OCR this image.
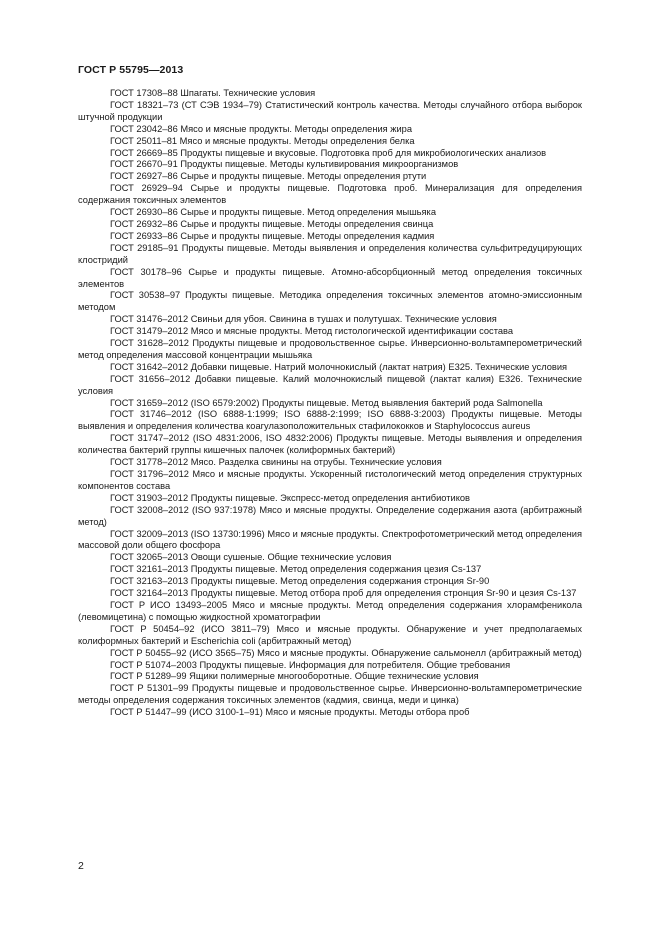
ГОСТ Р 55795—2013
ГОСТ 17308–88 Шпагаты. Технические условия
ГОСТ 18321–73 (СТ СЭВ 1934–79) Статистический контроль качества. Методы случайного отбора выборок штучной продукции
ГОСТ 23042–86 Мясо и мясные продукты. Методы определения жира
ГОСТ 25011–81 Мясо и мясные продукты. Методы определения белка
ГОСТ 26669–85 Продукты пищевые и вкусовые. Подготовка проб для микробиологических анализов
ГОСТ 26670–91 Продукты пищевые. Методы культивирования микроорганизмов
ГОСТ 26927–86 Сырье и продукты пищевые. Методы определения ртути
ГОСТ 26929–94 Сырье и продукты пищевые. Подготовка проб. Минерализация для определения содержания токсичных элементов
ГОСТ 26930–86 Сырье и продукты пищевые. Метод определения мышьяка
ГОСТ 26932–86 Сырье и продукты пищевые. Методы определения свинца
ГОСТ 26933–86 Сырье и продукты пищевые. Методы определения кадмия
ГОСТ 29185–91 Продукты пищевые. Методы выявления и определения количества сульфитредуцирующих клостридий
ГОСТ 30178–96 Сырье и продукты пищевые. Атомно-абсорбционный метод определения токсичных элементов
ГОСТ 30538–97 Продукты пищевые. Методика определения токсичных элементов атомно-эмиссионным методом
ГОСТ 31476–2012 Свиньи для убоя. Свинина в тушах и полутушах. Технические условия
ГОСТ 31479–2012 Мясо и мясные продукты. Метод гистологической идентификации состава
ГОСТ 31628–2012 Продукты пищевые и продовольственное сырье. Инверсионно-вольтамперометрический метод определения массовой концентрации мышьяка
ГОСТ 31642–2012 Добавки пищевые. Натрий молочнокислый (лактат натрия) Е325. Технические условия
ГОСТ 31656–2012 Добавки пищевые. Калий молочнокислый пищевой (лактат калия) Е326. Технические условия
ГОСТ 31659–2012 (ISO 6579:2002) Продукты пищевые. Метод выявления бактерий рода Salmonella
ГОСТ 31746–2012 (ISO 6888-1:1999; ISO 6888-2:1999; ISO 6888-3:2003) Продукты пищевые. Методы выявления и определения количества коагулазоположительных стафилококков и Staphylococcus aureus
ГОСТ 31747–2012 (ISO 4831:2006, ISO 4832:2006) Продукты пищевые. Методы выявления и определения количества бактерий группы кишечных палочек (колиформных бактерий)
ГОСТ 31778–2012 Мясо. Разделка свинины на отрубы. Технические условия
ГОСТ 31796–2012 Мясо и мясные продукты. Ускоренный гистологический метод определения структурных компонентов состава
ГОСТ 31903–2012 Продукты пищевые. Экспресс-метод определения антибиотиков
ГОСТ 32008–2012 (ISO 937:1978) Мясо и мясные продукты. Определение содержания азота (арбитражный метод)
ГОСТ 32009–2013 (ISO 13730:1996) Мясо и мясные продукты. Спектрофотометрический метод определения массовой доли общего фосфора
ГОСТ 32065–2013 Овощи сушеные. Общие технические условия
ГОСТ 32161–2013 Продукты пищевые. Метод определения содержания цезия Cs-137
ГОСТ 32163–2013 Продукты пищевые. Метод определения содержания стронция Sr-90
ГОСТ 32164–2013 Продукты пищевые. Метод отбора проб для определения стронция Sr-90 и цезия Cs-137
ГОСТ Р ИСО 13493–2005 Мясо и мясные продукты. Метод определения содержания хлорамфеникола (левомицетина) с помощью жидкостной хроматографии
ГОСТ Р 50454–92 (ИСО 3811–79) Мясо и мясные продукты. Обнаружение и учет предполагаемых колиформных бактерий и Escherichia coli (арбитражный метод)
ГОСТ Р 50455–92 (ИСО 3565–75) Мясо и мясные продукты. Обнаружение сальмонелл (арбитражный метод)
ГОСТ Р 51074–2003 Продукты пищевые. Информация для потребителя. Общие требования
ГОСТ Р 51289–99 Ящики полимерные многооборотные. Общие технические условия
ГОСТ Р 51301–99 Продукты пищевые и продовольственное сырье. Инверсионно-вольтамперометрические методы определения содержания токсичных элементов (кадмия, свинца, меди и цинка)
ГОСТ Р 51447–99 (ИСО 3100-1–91) Мясо и мясные продукты. Методы отбора проб
2
